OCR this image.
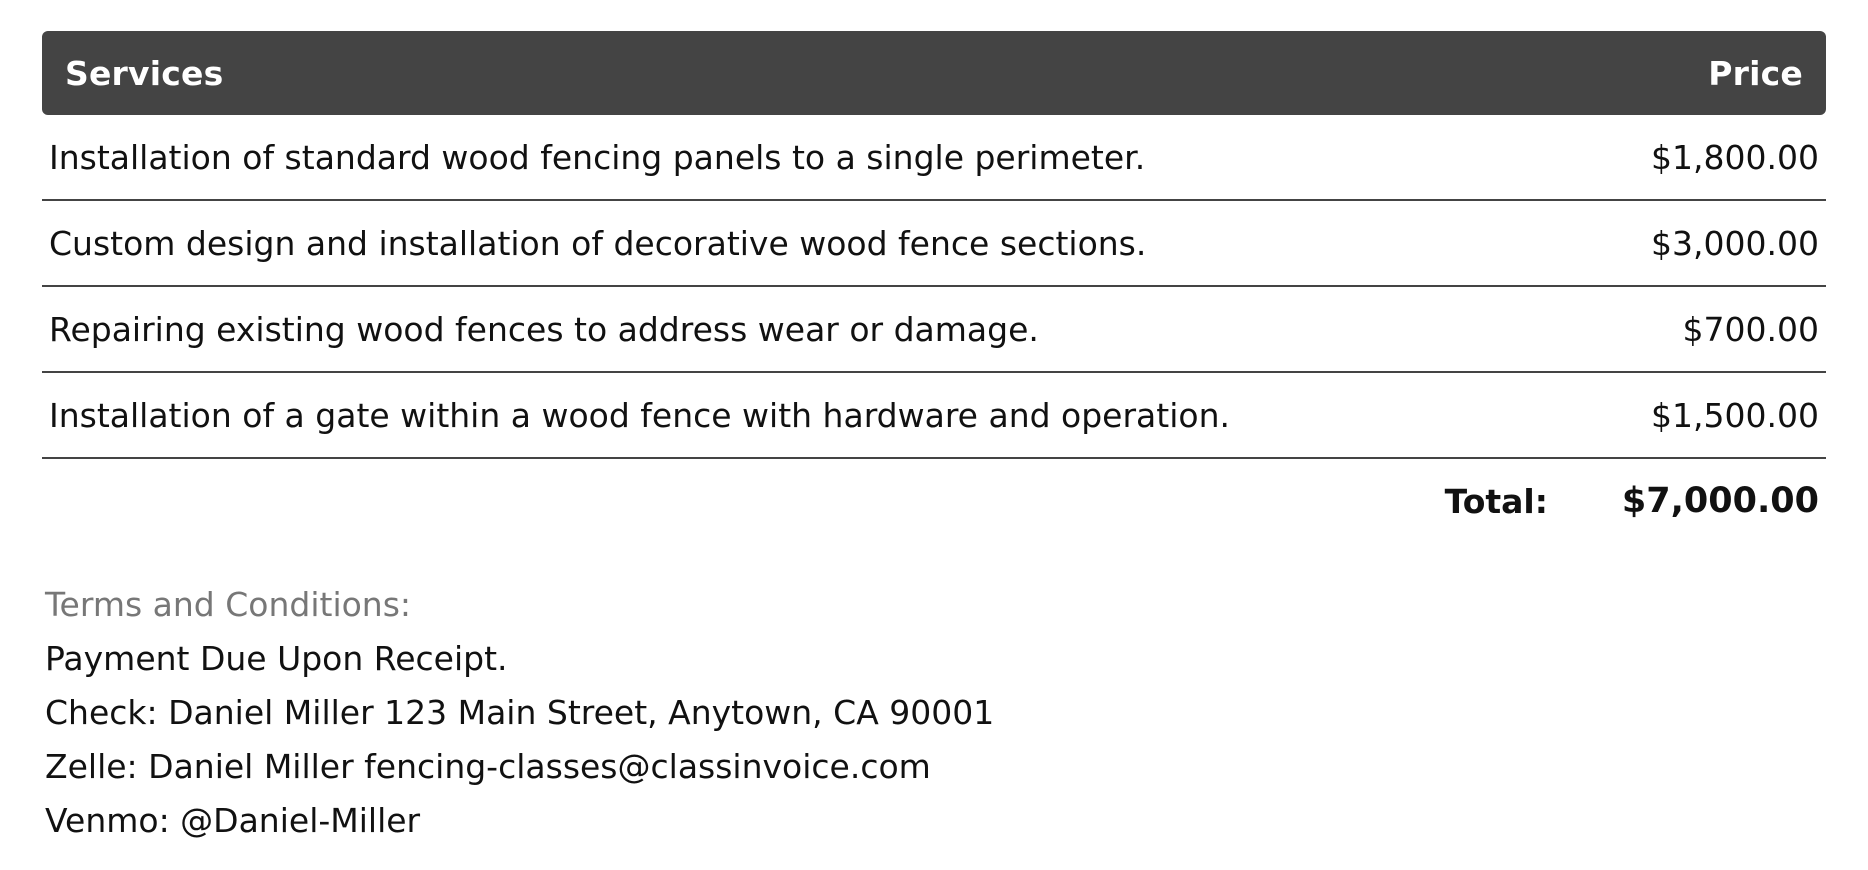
Services	Price
Installation of standard wood fencing panels to a single perimeter.	$1,800.00
Custom design and installation of decorative wood fence sections.	$3,000.00
Repairing existing wood fences to address wear or damage.	$700.00
Installation of a gate within a wood fence with hardware and operation.	$1,500.00
Total: $7,000.00
Terms and Conditions:
Payment Due Upon Receipt.
Check: Daniel Miller 123 Main Street, Anytown, CA 90001
Zelle: Daniel Miller fencing-classes@classinvoice.com
Venmo: @Daniel-Miller
